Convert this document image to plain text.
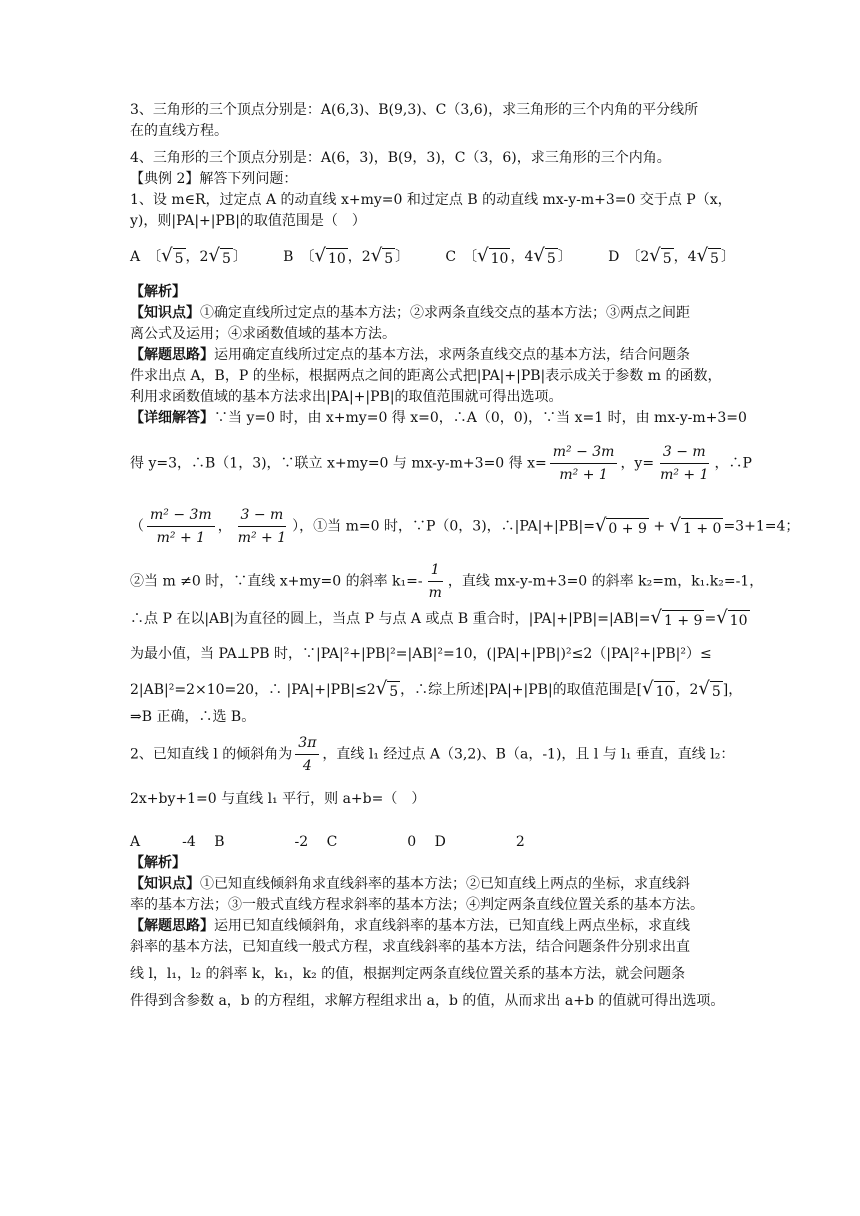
3、三角形的三个顶点分别是：A(6,3)、B(9,3)、C（3,6)，求三角形的三个内角的平分线所
在的直线方程。
4、三角形的三个顶点分别是：A(6，3)，B(9，3)，C（3，6)，求三角形的三个内角。
【典例 2】解答下列问题：
1、设 m∈R，过定点 A 的动直线 x+my=0 和过定点 B 的动直线 mx-y-m+3=0 交于点 P（x，
y)，则|PA|+|PB|的取值范围是（　）
A　〔 √ 5 ，2 √ 5 〕	B　〔 √ 10 ，2 √ 5 〕	C　〔 √ 10 ，4 √ 5 〕	D　〔2 √ 5 ，4 √ 5 〕
【解析】
【知识点】①确定直线所过定点的基本方法；②求两条直线交点的基本方法；③两点之间距
离公式及运用；④求函数值域的基本方法。
【解题思路】运用确定直线所过定点的基本方法，求两条直线交点的基本方法，结合问题条
件求出点 A，B，P 的坐标，根据两点之间的距离公式把|PA|+|PB|表示成关于参数 m 的函数，
利用求函数值域的基本方法求出|PA|+|PB|的取值范围就可得出选项。
【详细解答】∵当 y=0 时，由 x+my=0 得 x=0，∴A（0，0)，∵当 x=1 时，由 mx-y-m+3=0
得 y=3，∴B（1，3)，∵联立 x+my=0 与 mx-y-m+3=0 得 $x= \frac{\text{m² − 3m}}{\text{m² + 1}}$ ，$y= \frac{3 - m}{\text{m² + 1}}$ ，∴P
（ $\frac{\text{m² − 3m}}{\text{m² + 1}}$ ， $\frac{3 - m}{\text{m² + 1}}$ ），①当 m=0 时，∵P（0，3)，∴|PA|+|PB|= √ 0 + 9 + √ 1 + 0 =3+1=4；
②当 m ≠0 时，∵直线 x+my=0 的斜率 $k_1=- \frac{1}{m}$ ，直线 mx-y-m+3=0 的斜率 k₂=m，k₁.k₂=-1，
∴点 P 在以|AB|为直径的圆上，当点 P 与点 A 或点 B 重合时，|PA|+|PB|=|AB|= √ 1 + 9 = √ 10
为最小值，当 PA⊥PB 时，∵|PA|²+|PB|²=|AB|²=10，(|PA|+|PB|)²≤2（|PA|²+|PB|²）≤
2|AB|²=2×10=20，∴ |PA|+|PB|≤2 √ 5 ，∴综上所述|PA|+|PB|的取值范围是[ √ 10 ，2 √ 5 ]，
⇒B 正确，∴选 B。
2、已知直线 l 的倾斜角为 $\frac{3\pi}{4}$ ，直线 l₁ 经过点 A（3,2)、B（a，-1)，且 l 与 l₁ 垂直，直线 l₂：
2x+by+1=0 与直线 l₁ 平行，则 a+b=（　）
A　　　-4　 B　　　　　-2　 C　　　　　0　 D　　　　　2
【解析】
【知识点】①已知直线倾斜角求直线斜率的基本方法；②已知直线上两点的坐标，求直线斜
率的基本方法；③一般式直线方程求斜率的基本方法；④判定两条直线位置关系的基本方法。
【解题思路】运用已知直线倾斜角，求直线斜率的基本方法，已知直线上两点坐标，求直线
斜率的基本方法，已知直线一般式方程，求直线斜率的基本方法，结合问题条件分别求出直
线 l，l₁，l₂ 的斜率 k，k₁，k₂ 的值，根据判定两条直线位置关系的基本方法，就会问题条
件得到含参数 a，b 的方程组，求解方程组求出 a，b 的值，从而求出 a+b 的值就可得出选项。
